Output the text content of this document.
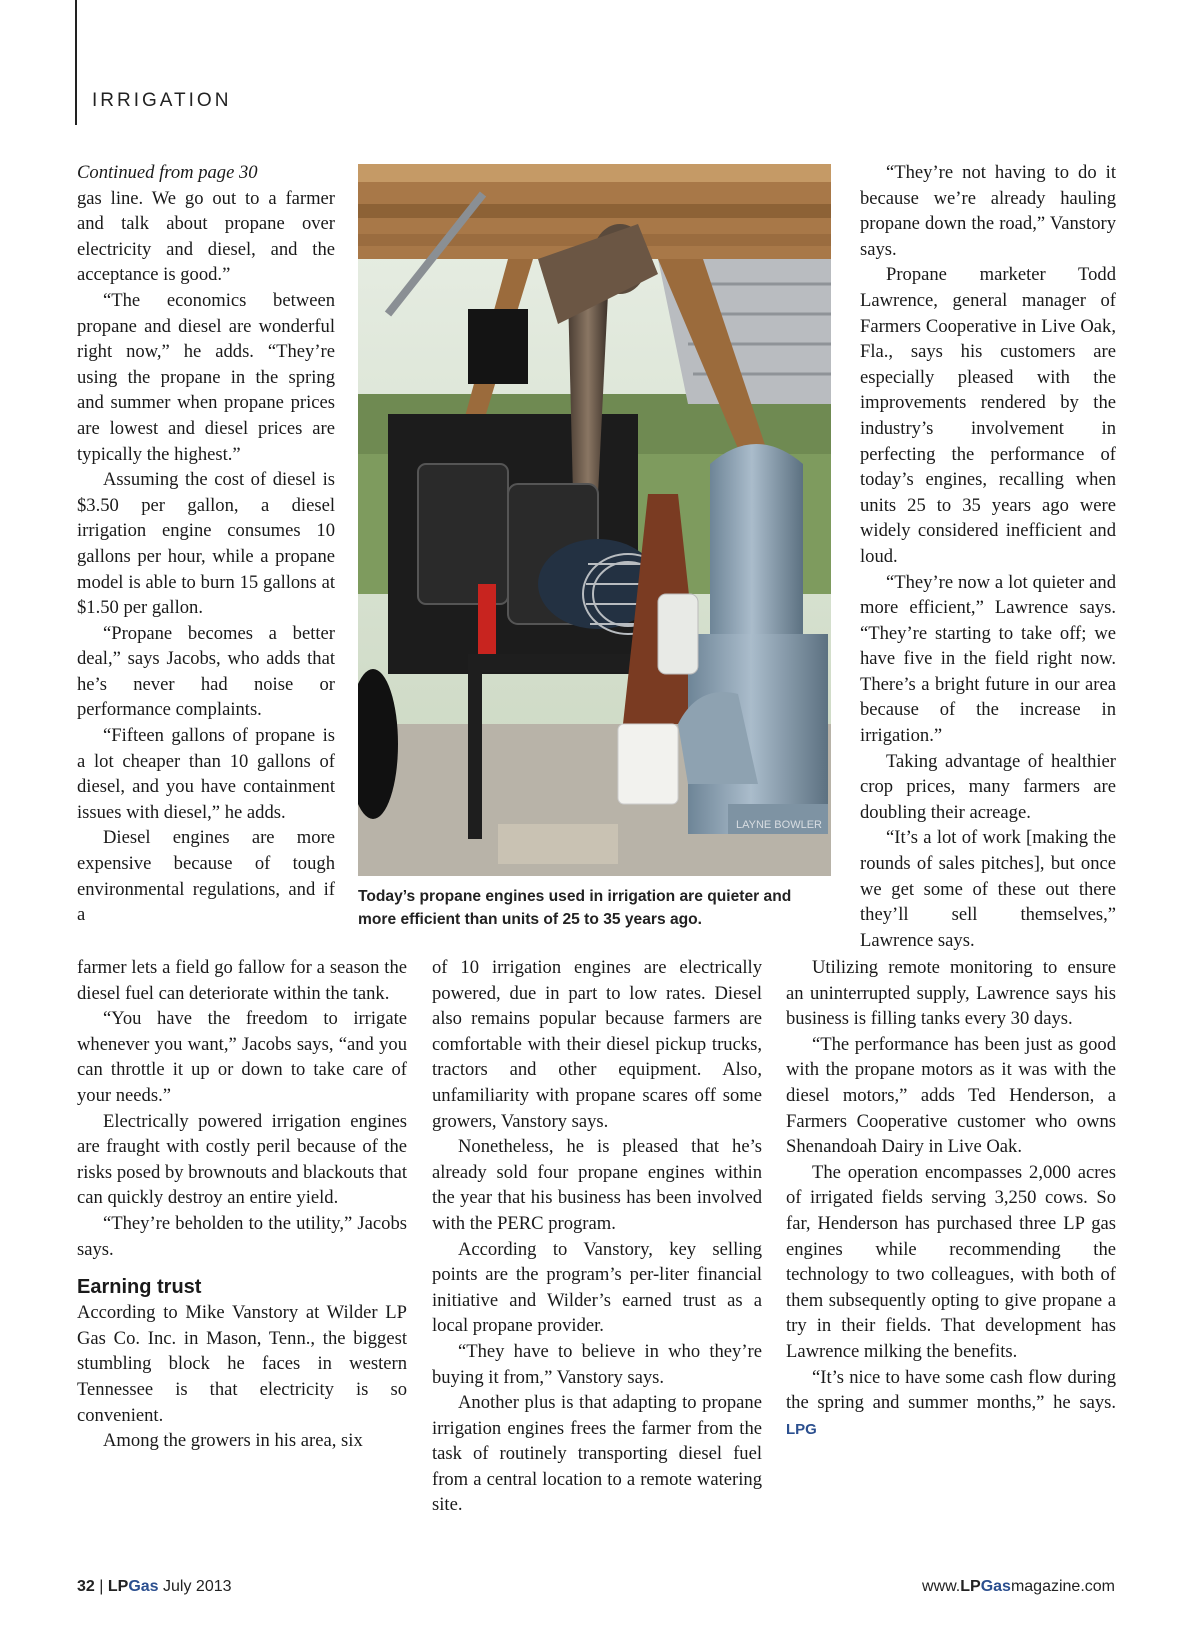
IRRIGATION

Continued from page 30

gas line. We go out to a farmer and talk about propane over electricity and diesel, and the acceptance is good.”

“The economics between propane and diesel are wonderful right now,” he adds. “They’re using the propane in the spring and summer when propane prices are lowest and diesel prices are typically the highest.”

Assuming the cost of diesel is $3.50 per gallon, a diesel irrigation engine consumes 10 gallons per hour, while a propane model is able to burn 15 gallons at $1.50 per gallon.

“Propane becomes a better deal,” says Jacobs, who adds that he’s never had noise or performance complaints.

“Fifteen gallons of propane is a lot cheaper than 10 gallons of diesel, and you have containment issues with diesel,” he adds.

Diesel engines are more expensive because of tough environmental regulations, and if a

farmer lets a field go fallow for a season the diesel fuel can deteriorate within the tank.

“You have the freedom to irrigate whenever you want,” Jacobs says, “and you can throttle it up or down to take care of your needs.”

Electrically powered irrigation engines are fraught with costly peril because of the risks posed by brownouts and blackouts that can quickly destroy an entire yield.

“They’re beholden to the utility,” Jacobs says.

Earning trust

According to Mike Vanstory at Wilder LP Gas Co. Inc. in Mason, Tenn., the biggest stumbling block he faces in western Tennessee is that electricity is so convenient.

Among the growers in his area, six

LAYNE BOWLER
Today’s propane engines used in irrigation are quieter and more efficient than units of 25 to 35 years ago.

of 10 irrigation engines are electrically powered, due in part to low rates. Diesel also remains popular because farmers are comfortable with their diesel pickup trucks, tractors and other equipment. Also, unfamiliarity with propane scares off some growers, Vanstory says.

Nonetheless, he is pleased that he’s already sold four propane engines within the year that his business has been involved with the PERC program.

According to Vanstory, key selling points are the program’s per-liter financial initiative and Wilder’s earned trust as a local propane provider.

“They have to believe in who they’re buying it from,” Vanstory says.

Another plus is that adapting to propane irrigation engines frees the farmer from the task of routinely transporting diesel fuel from a central location to a remote watering site.

“They’re not having to do it because we’re already hauling propane down the road,” Vanstory says.

Propane marketer Todd Lawrence, general manager of Farmers Cooperative in Live Oak, Fla., says his customers are especially pleased with the improvements rendered by the industry’s involvement in perfecting the performance of today’s engines, recalling when units 25 to 35 years ago were widely considered inefficient and loud.

“They’re now a lot quieter and more efficient,” Lawrence says. “They’re starting to take off; we have five in the field right now. There’s a bright future in our area because of the increase in irrigation.”

Taking advantage of healthier crop prices, many farmers are doubling their acreage.

“It’s a lot of work [making the rounds of sales pitches], but once we get some of these out there they’ll sell themselves,” Lawrence says.

Utilizing remote monitoring to ensure an uninterrupted supply, Lawrence says his business is filling tanks every 30 days.

“The performance has been just as good with the propane motors as it was with the diesel motors,” adds Ted Henderson, a Farmers Cooperative customer who owns Shenandoah Dairy in Live Oak.

The operation encompasses 2,000 acres of irrigated fields serving 3,250 cows. So far, Henderson has purchased three LP gas engines while recommending the technology to two colleagues, with both of them subsequently opting to give propane a try in their fields. That development has Lawrence milking the benefits.

“It’s nice to have some cash flow during the spring and summer months,” he says. LPG

32 | LPGas July 2013	www.LPGasmagazine.com
